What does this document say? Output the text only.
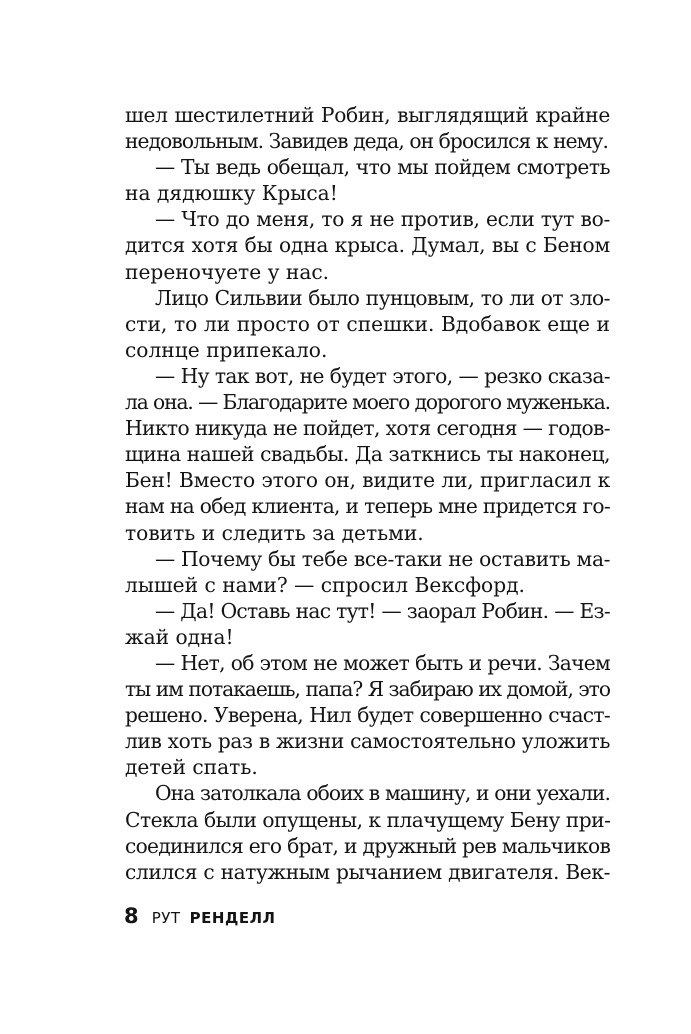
шел шестилетний Робин, выглядящий крайне
недовольным. Завидев деда, он бросился к нему.
— Ты ведь обещал, что мы пойдем смотреть
на дядюшку Крыса!
— Что до меня, то я не против, если тут во-
дится хотя бы одна крыса. Думал, вы с Беном
переночуете у нас.
Лицо Сильвии было пунцовым, то ли от зло-
сти, то ли просто от спешки. Вдобавок еще и
солнце припекало.
— Ну так вот, не будет этого, — резко сказа-
ла она. — Благодарите моего дорогого муженька.
Никто никуда не пойдет, хотя сегодня — годов-
щина нашей свадьбы. Да заткнись ты наконец,
Бен! Вместо этого он, видите ли, пригласил к
нам на обед клиента, и теперь мне придется го-
товить и следить за детьми.
— Почему бы тебе все-таки не оставить ма-
лышей с нами? — спросил Вексфорд.
— Да! Оставь нас тут! — заорал Робин. — Ез-
жай одна!
— Нет, об этом не может быть и речи. Зачем
ты им потакаешь, папа? Я забираю их домой, это
решено. Уверена, Нил будет совершенно счаст-
лив хоть раз в жизни самостоятельно уложить
детей спать.
Она затолкала обоих в машину, и они уехали.
Стекла были опущены, к плачущему Бену при-
соединился его брат, и дружный рев мальчиков
слился с натужным рычанием двигателя. Век-
8 РУТ РЕНДЕЛЛ
